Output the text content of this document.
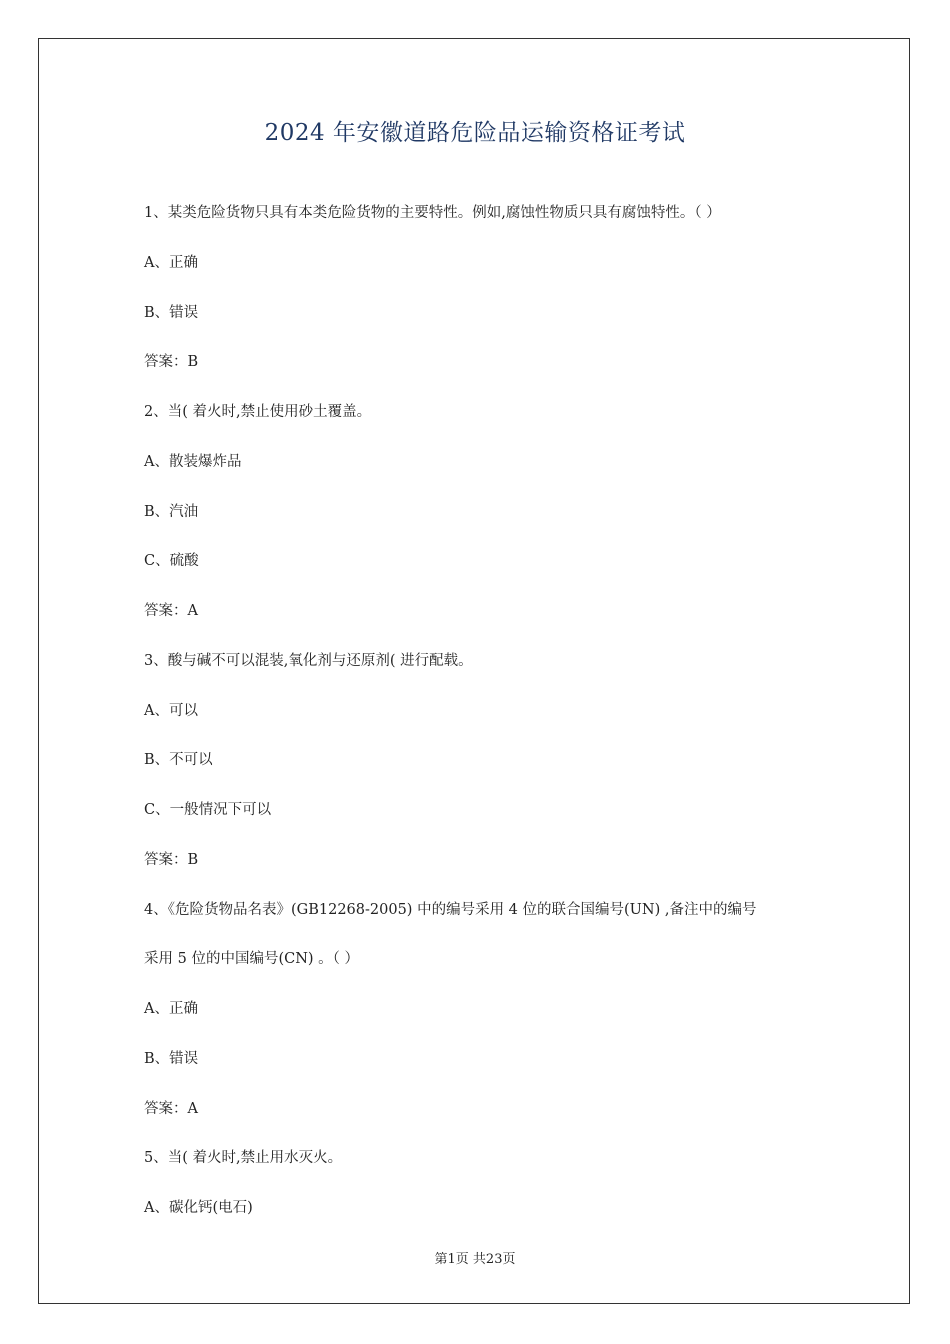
2024 年安徽道路危险品运输资格证考试
1、某类危险货物只具有本类危险货物的主要特性。例如,腐蚀性物质只具有腐蚀特性。（ ）
A、正确
B、错误
答案：B
2、当( 着火时,禁止使用砂土覆盖。
A、散装爆炸品
B、汽油
C、硫酸
答案：A
3、酸与碱不可以混装,氧化剂与还原剂( 进行配载。
A、可以
B、不可以
C、一般情况下可以
答案：B
4、《危险货物品名表》(GB12268-2005) 中的编号采用 4 位的联合国编号(UN) ,备注中的编号
采用 5 位的中国编号(CN) 。（ ）
A、正确
B、错误
答案：A
5、当( 着火时,禁止用水灭火。
A、碳化钙(电石)
第1页 共23页
